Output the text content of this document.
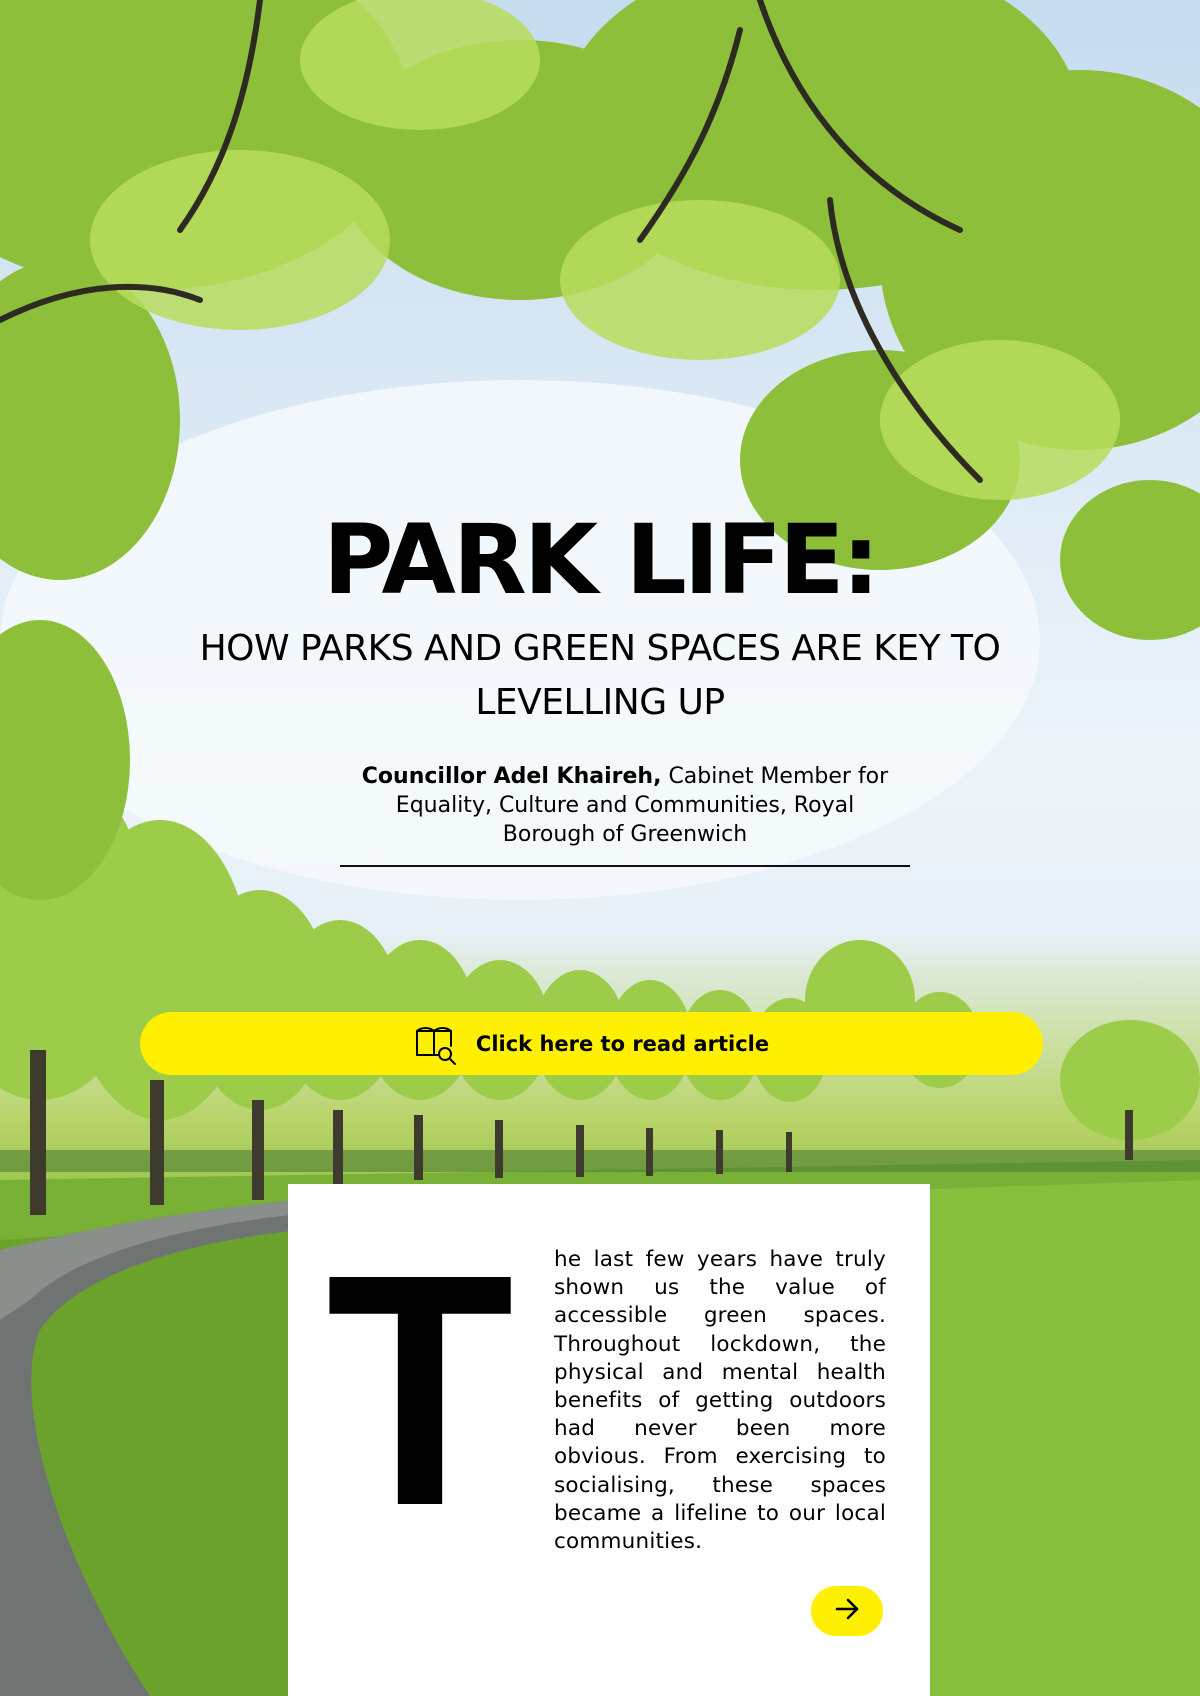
PARK LIFE:
HOW PARKS AND GREEN SPACES ARE KEY TO LEVELLING UP
Councillor Adel Khaireh, Cabinet Member for Equality, Culture and Communities, Royal Borough of Greenwich
Click here to read article
T he last few years have truly shown us the value of accessible green spaces. Throughout lockdown, the physical and mental health benefits of getting outdoors had never been more obvious. From exercising to socialising, these spaces became a lifeline to our local communities.
